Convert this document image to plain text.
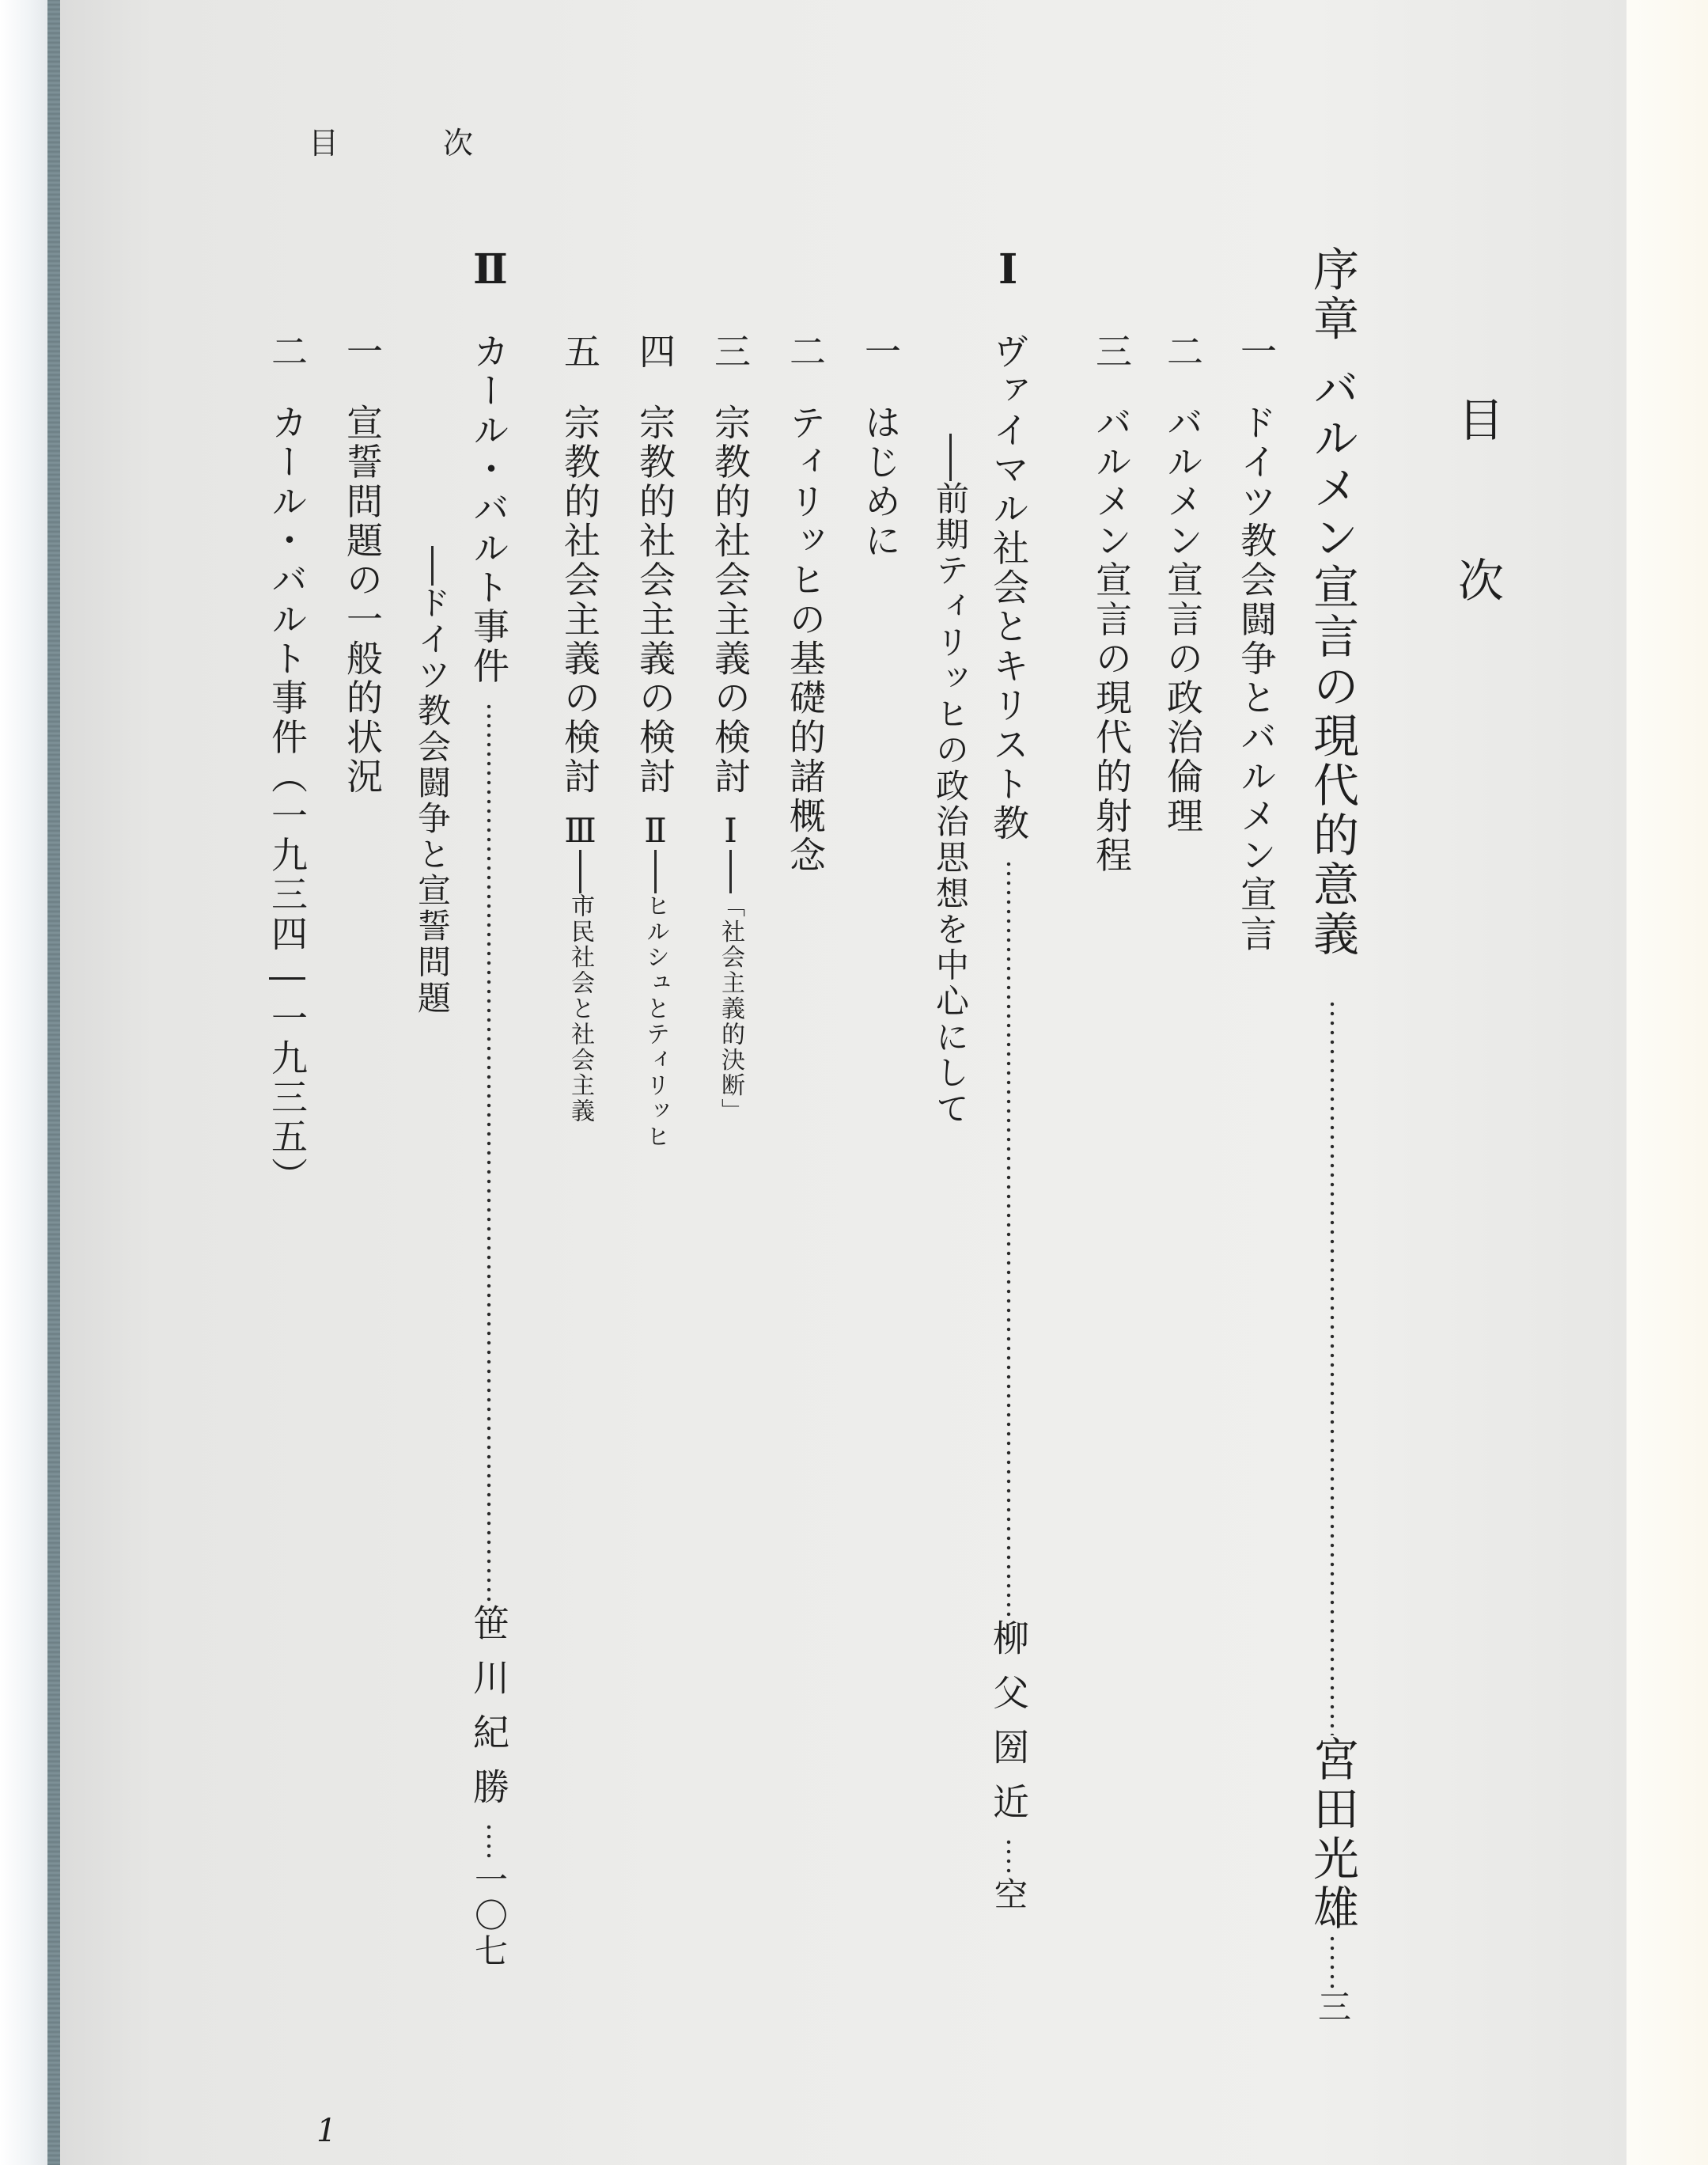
目	次
目
次
序章
バルメン宣言の現代的意義
宮田光雄
三
一
ドイツ教会闘争とバルメン宣言
二
バルメン宣言の政治倫理
三
バルメン宣言の現代的射程
Ⅰ
ヴァイマル社会とキリスト教
柳父圀近
空
前期ティリッヒの政治思想を中心にして
一
はじめに
二
ティリッヒの基礎的諸概念
三
宗教的社会主義の検討
Ⅰ
「社会主義的決断」
四
宗教的社会主義の検討
Ⅱ
ヒルシュとティリッヒ
五
宗教的社会主義の検討
Ⅲ
市民社会と社会主義
Ⅱ
カール・バルト事件
笹川紀勝
一〇七
ドイツ教会闘争と宣誓問題
一
宣誓問題の一般的状況
二
カール・バルト事件（一九三四―一九三五）
1
